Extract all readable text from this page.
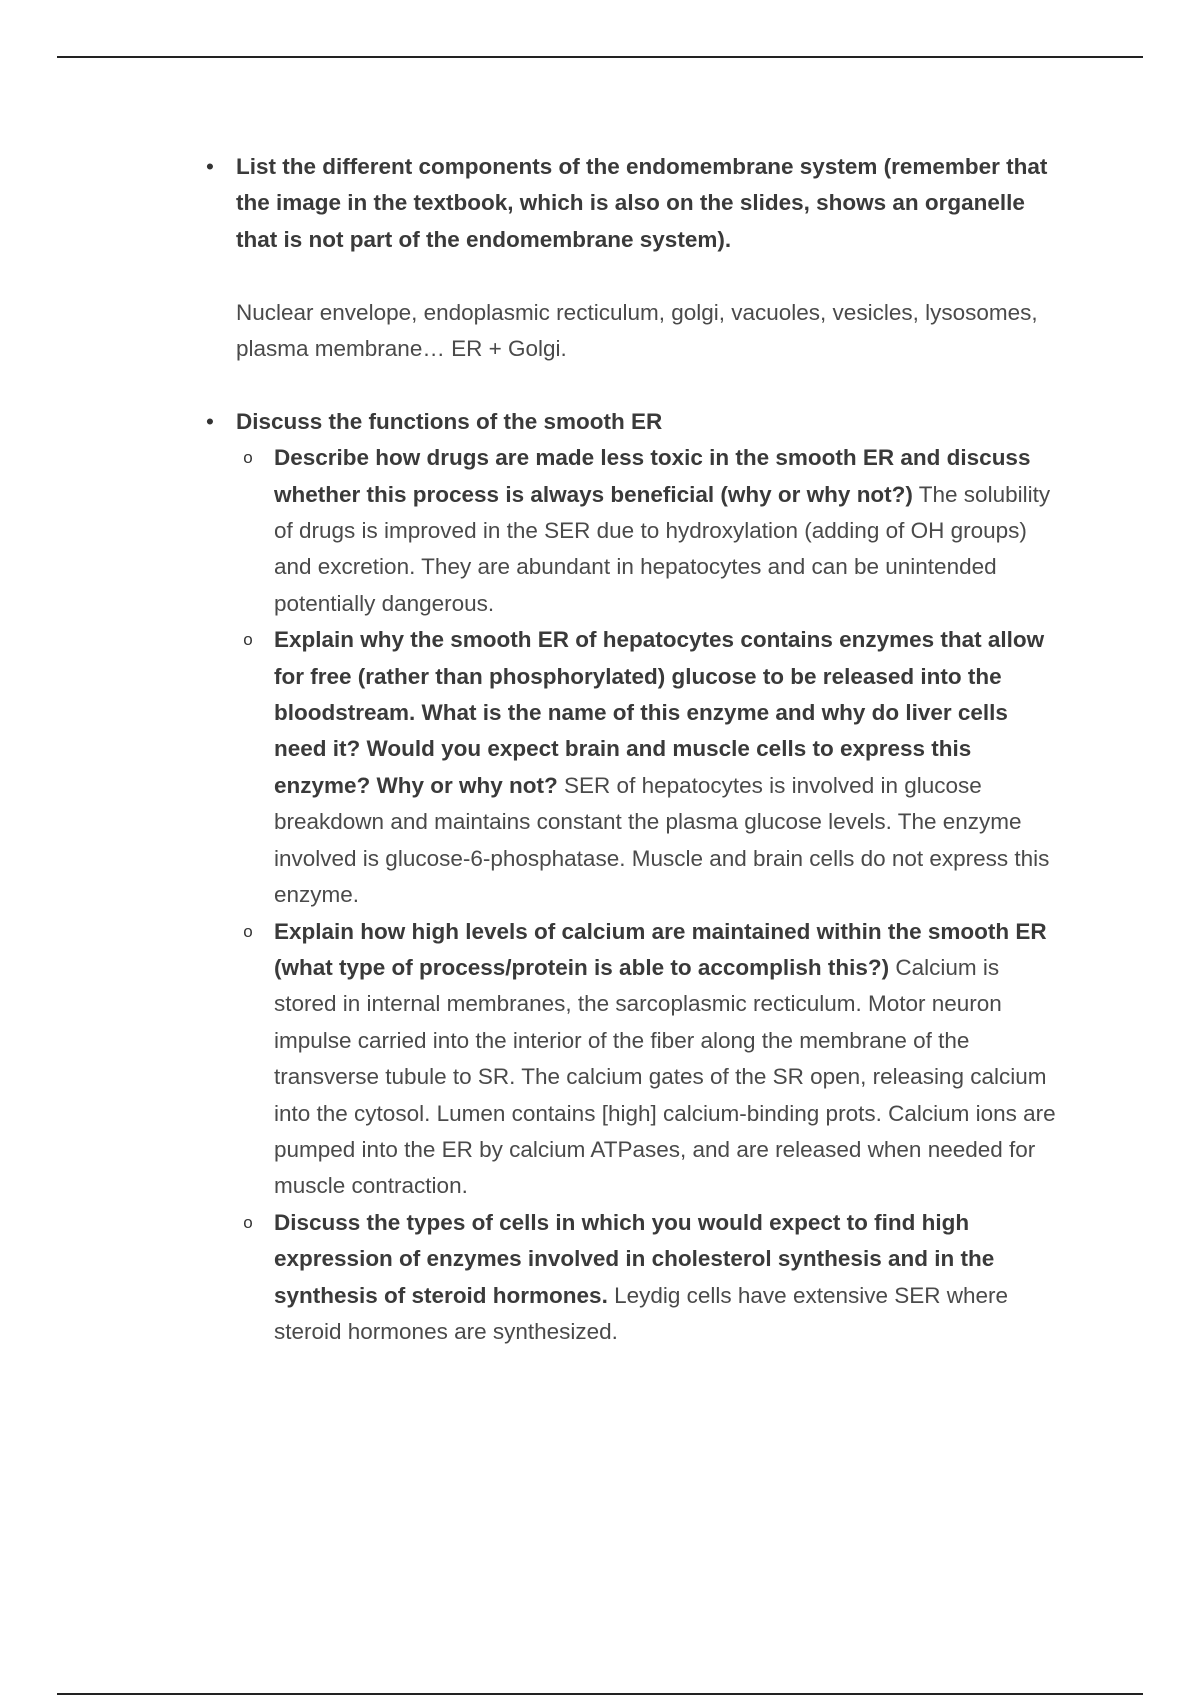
• List the different components of the endomembrane system (remember that the image in the textbook, which is also on the slides, shows an organelle that is not part of the endomembrane system).
Nuclear envelope, endoplasmic recticulum, golgi, vacuoles, vesicles, lysosomes, plasma membrane… ER + Golgi.
• Discuss the functions of the smooth ER
o Describe how drugs are made less toxic in the smooth ER and discuss whether this process is always beneficial (why or why not?) The solubility of drugs is improved in the SER due to hydroxylation (adding of OH groups) and excretion. They are abundant in hepatocytes and can be unintended potentially dangerous.
o Explain why the smooth ER of hepatocytes contains enzymes that allow for free (rather than phosphorylated) glucose to be released into the bloodstream. What is the name of this enzyme and why do liver cells need it? Would you expect brain and muscle cells to express this enzyme? Why or why not? SER of hepatocytes is involved in glucose breakdown and maintains constant the plasma glucose levels. The enzyme involved is glucose-6-phosphatase. Muscle and brain cells do not express this enzyme.
o Explain how high levels of calcium are maintained within the smooth ER (what type of process/protein is able to accomplish this?) Calcium is stored in internal membranes, the sarcoplasmic recticulum. Motor neuron impulse carried into the interior of the fiber along the membrane of the transverse tubule to SR. The calcium gates of the SR open, releasing calcium into the cytosol. Lumen contains [high] calcium-binding prots. Calcium ions are pumped into the ER by calcium ATPases, and are released when needed for muscle contraction.
o Discuss the types of cells in which you would expect to find high expression of enzymes involved in cholesterol synthesis and in the synthesis of steroid hormones. Leydig cells have extensive SER where steroid hormones are synthesized.
